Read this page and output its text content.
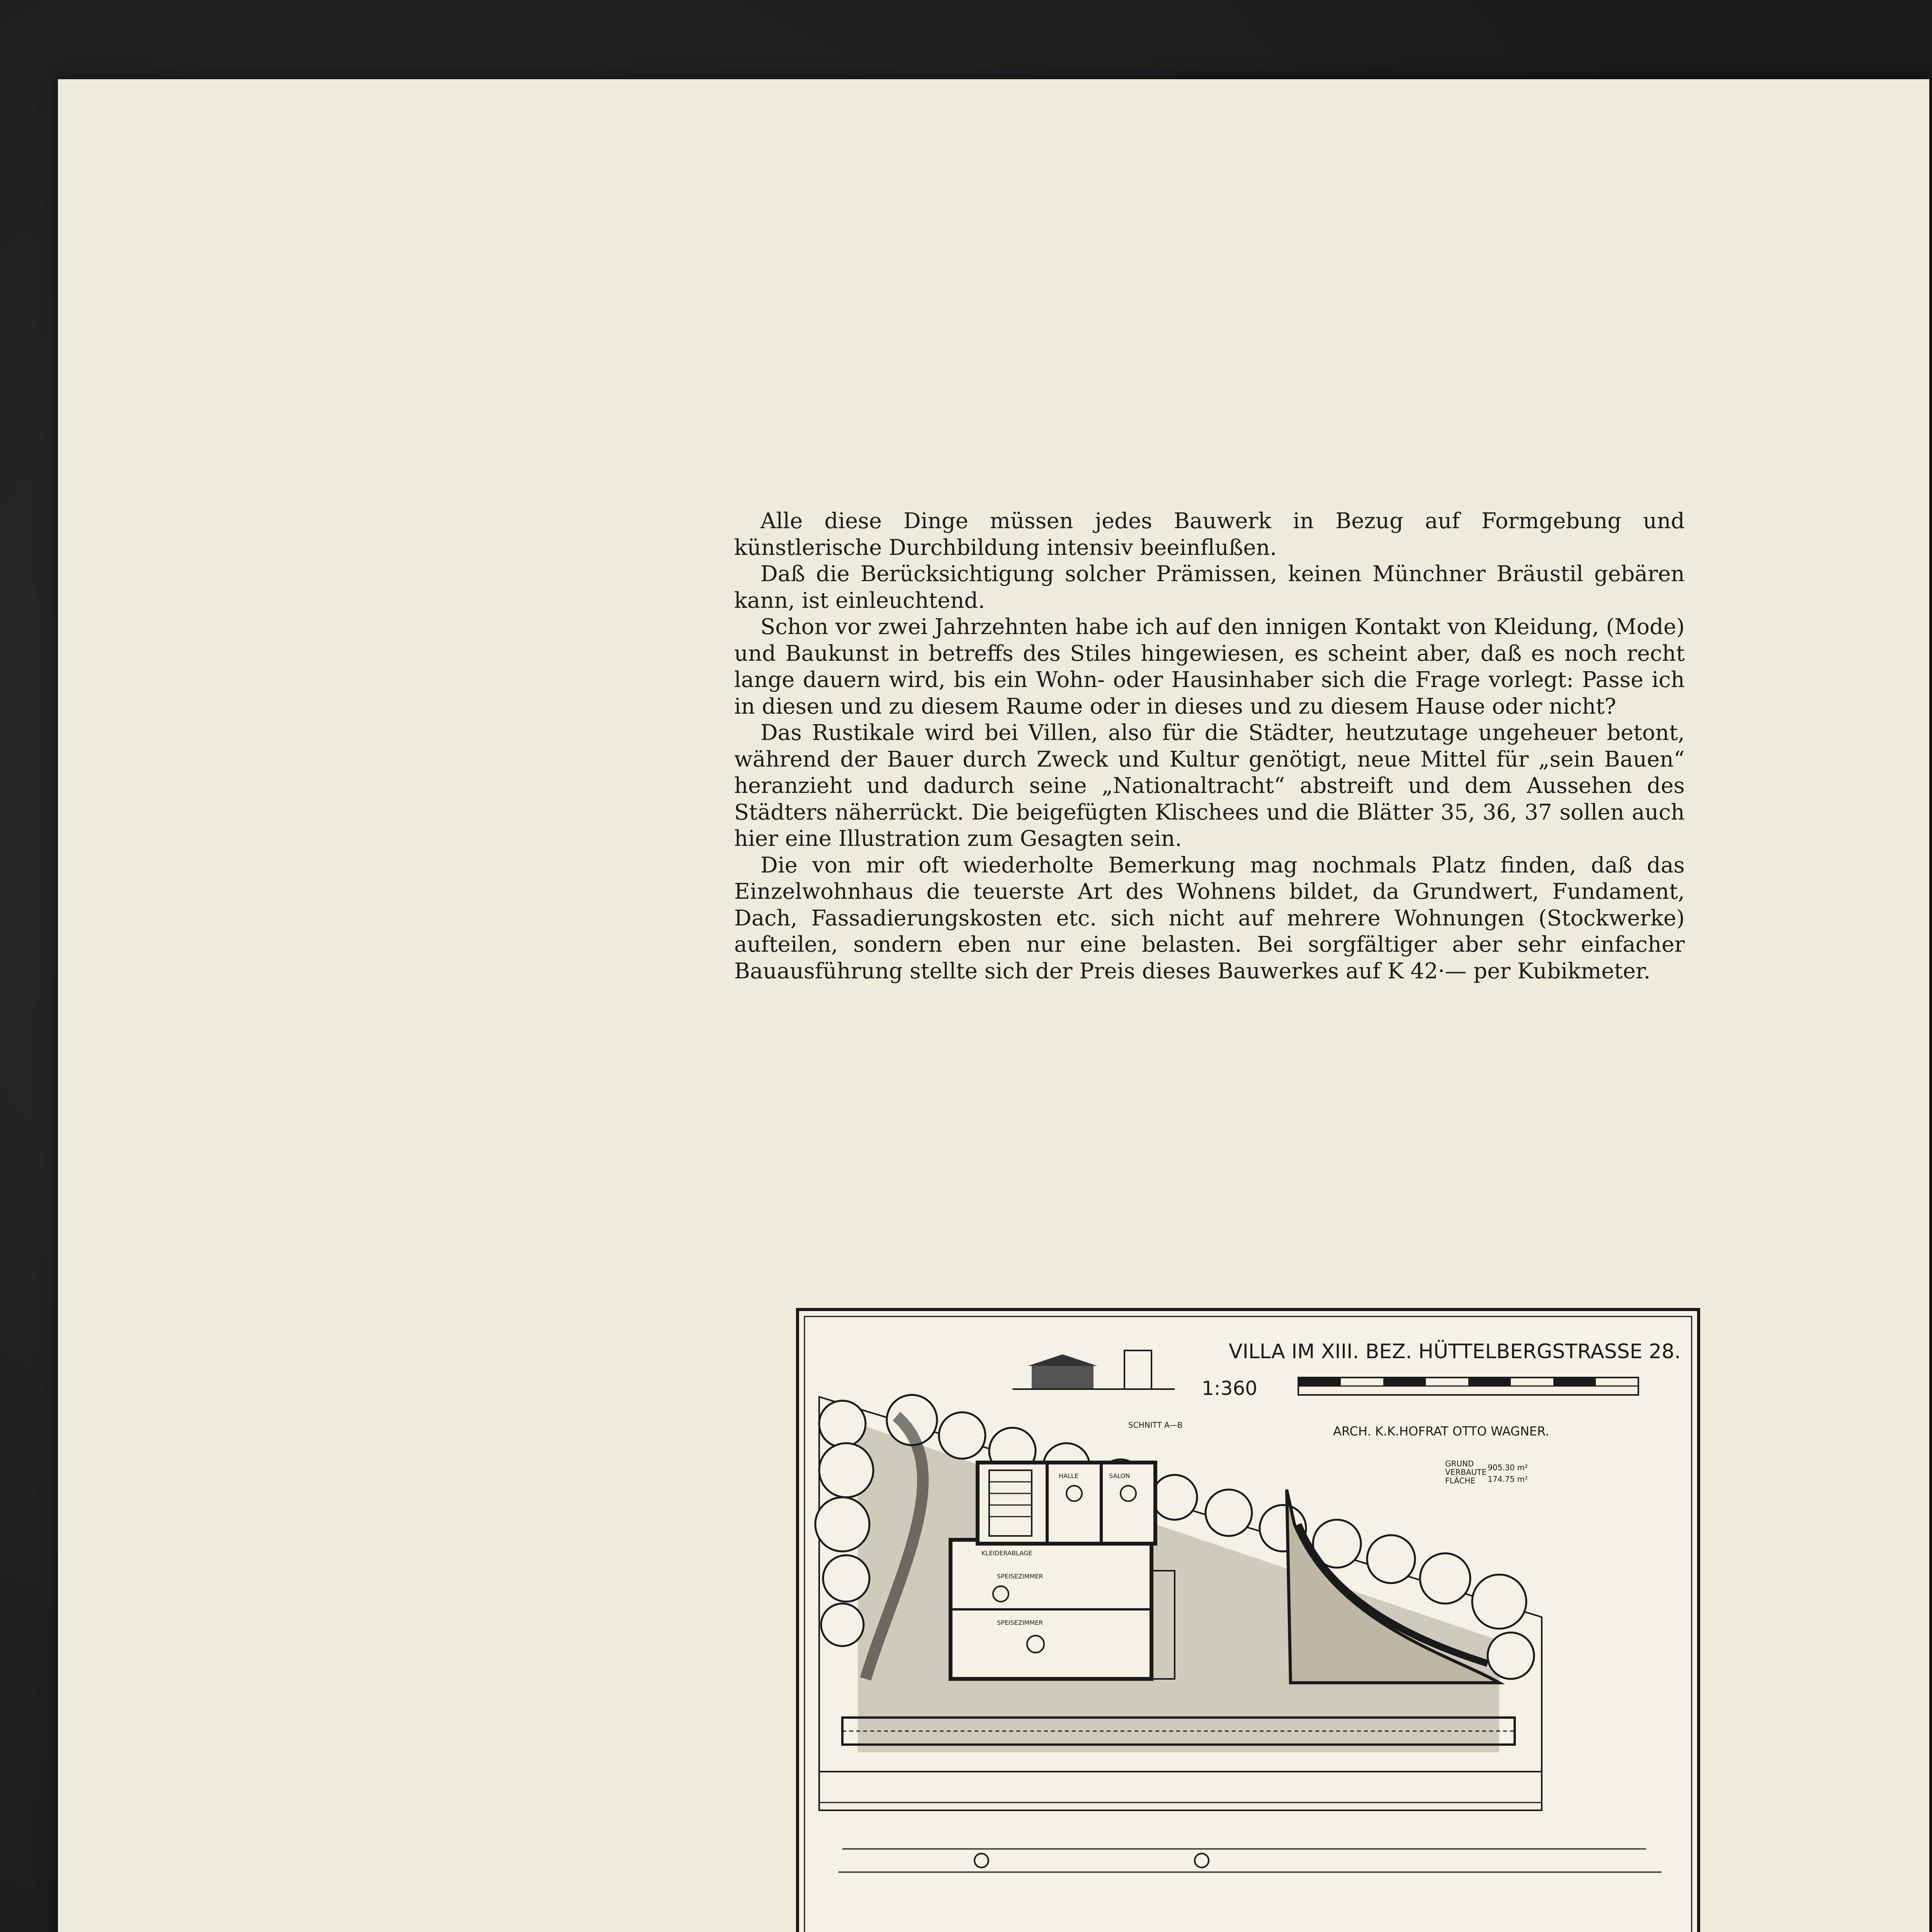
Alle diese Dinge müssen jedes Bauwerk in Bezug auf Formgebung und künstlerische Durchbildung intensiv beeinflußen.

Daß die Berücksichtigung solcher Prämissen, keinen Münchner Bräustil gebären kann, ist einleuchtend.

Schon vor zwei Jahrzehnten habe ich auf den innigen Kontakt von Kleidung, (Mode) und Baukunst in betreffs des Stiles hingewiesen, es scheint aber, daß es noch recht lange dauern wird, bis ein Wohn- oder Hausinhaber sich die Frage vorlegt: Passe ich in diesen und zu diesem Raume oder in dieses und zu diesem Hause oder nicht?

Das Rustikale wird bei Villen, also für die Städter, heutzutage ungeheuer betont, während der Bauer durch Zweck und Kultur genötigt, neue Mittel für „sein Bauen“ heranzieht und dadurch seine „Nationaltracht“ abstreift und dem Aussehen des Städters näherrückt. Die beigefügten Klischees und die Blätter 35, 36, 37 sollen auch hier eine Illustration zum Gesagten sein.

Die von mir oft wiederholte Bemerkung mag nochmals Platz finden, daß das Einzelwohnhaus die teuerste Art des Wohnens bildet, da Grundwert, Fundament, Dach, Fassadierungskosten etc. sich nicht auf mehrere Wohnungen (Stockwerke) aufteilen, sondern eben nur eine belasten. Bei sorgfältiger aber sehr einfacher Bauausführung stellte sich der Preis dieses Bauwerkes auf K 42·— per Kubikmeter.

VILLA IM XIII. BEZ. HÜTTELBERGSTRASSE 28.
1:360
ARCH. K.K.HOFRAT OTTO WAGNER.
GRUND
VERBAUTE
FLÄCHE
905.30 m²
174.75 m²
SCHNITT A—B
KLEIDERABLAGE
HALLE
SPEISEZIMMER
SPEISEZIMMER
SALON
